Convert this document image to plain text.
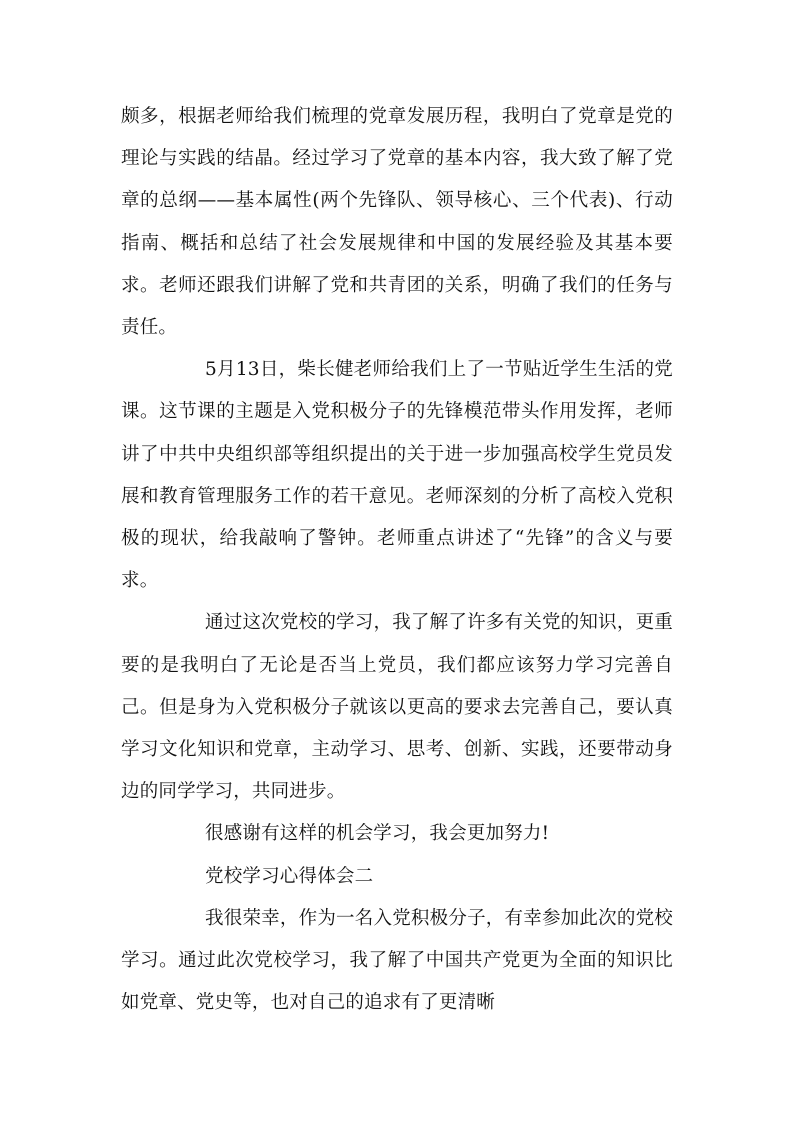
颇多，根据老师给我们梳理的党章发展历程，我明白了党章是党的理论与实践的结晶。经过学习了党章的基本内容，我大致了解了党章的总纲——基本属性(两个先锋队、领导核心、三个代表)、行动指南、概括和总结了社会发展规律和中国的发展经验及其基本要求。老师还跟我们讲解了党和共青团的关系，明确了我们的任务与责任。

5月13日，柴长健老师给我们上了一节贴近学生生活的党课。这节课的主题是入党积极分子的先锋模范带头作用发挥，老师讲了中共中央组织部等组织提出的关于进一步加强高校学生党员发展和教育管理服务工作的若干意见。老师深刻的分析了高校入党积极的现状，给我敲响了警钟。老师重点讲述了“先锋”的含义与要求。

通过这次党校的学习，我了解了许多有关党的知识，更重要的是我明白了无论是否当上党员，我们都应该努力学习完善自己。但是身为入党积极分子就该以更高的要求去完善自己，要认真学习文化知识和党章，主动学习、思考、创新、实践，还要带动身边的同学学习，共同进步。

很感谢有这样的机会学习，我会更加努力!

党校学习心得体会二

我很荣幸，作为一名入党积极分子，有幸参加此次的党校学习。通过此次党校学习，我了解了中国共产党更为全面的知识比如党章、党史等，也对自己的追求有了更清晰
